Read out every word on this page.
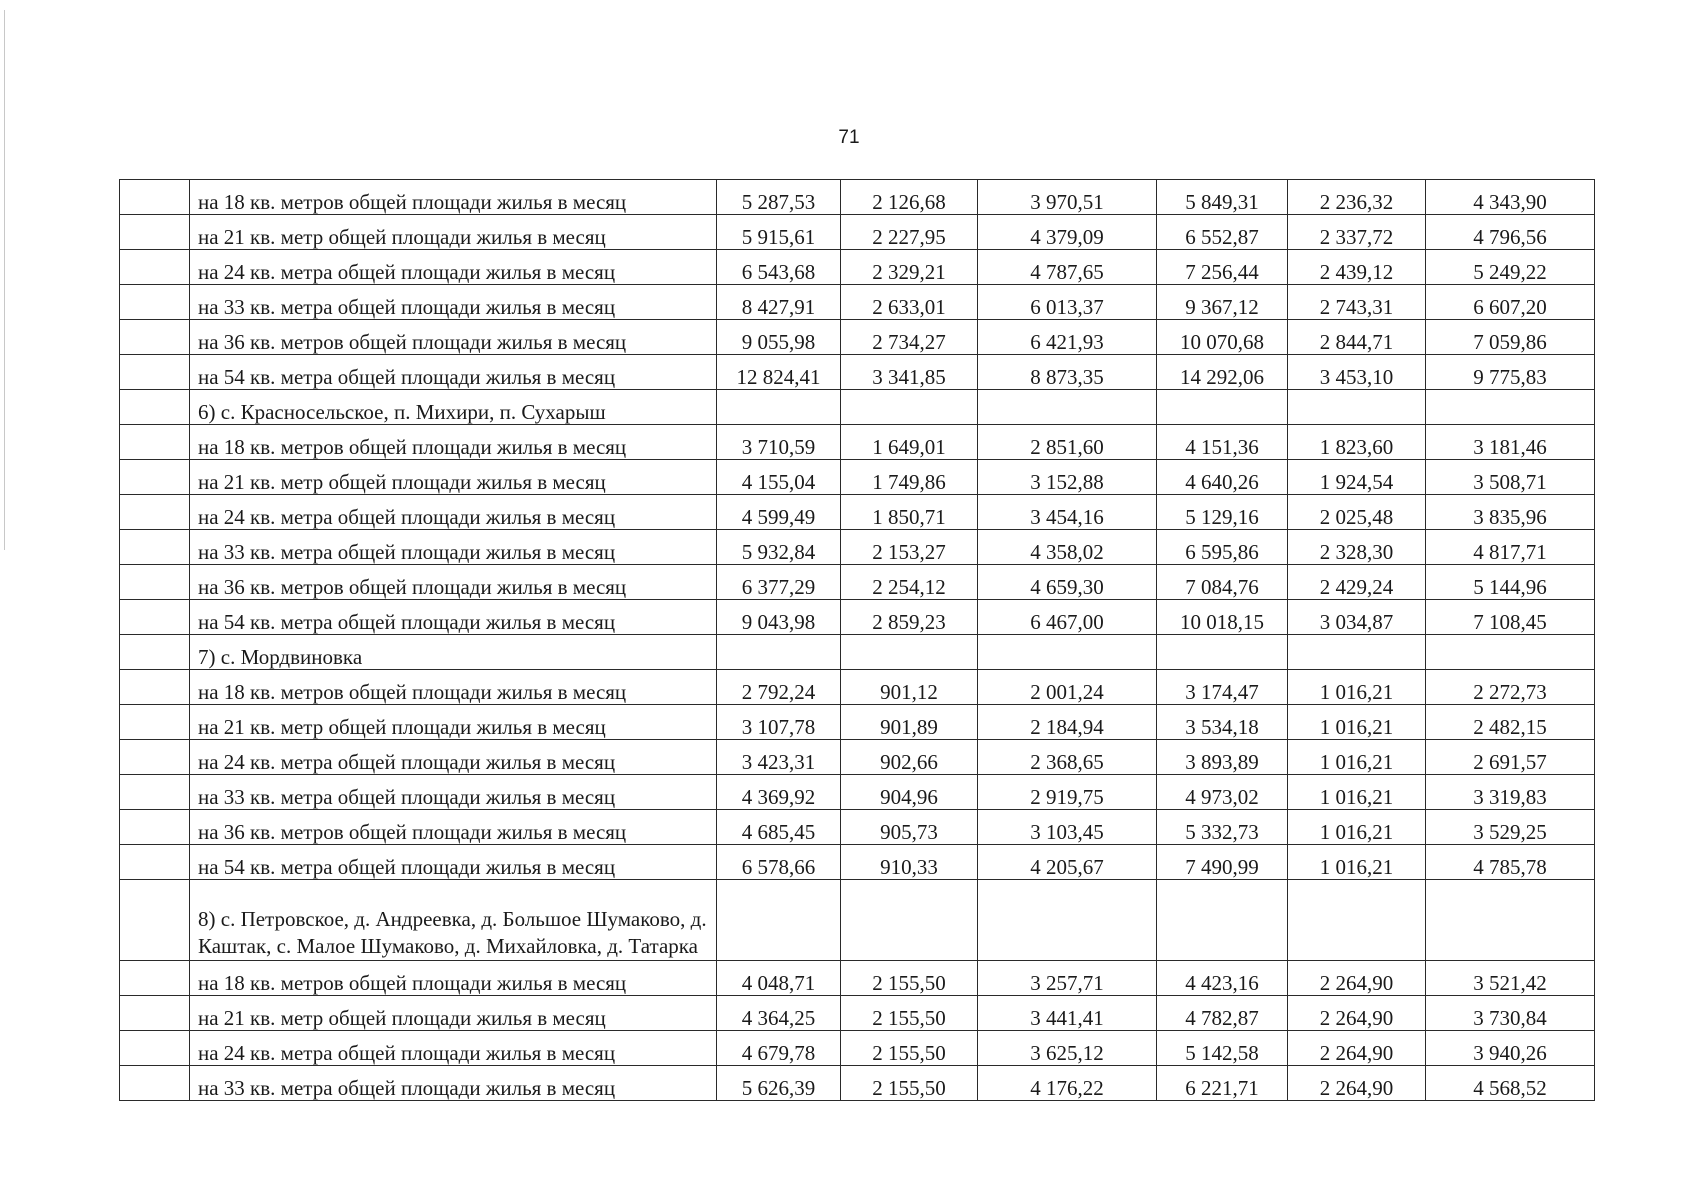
71
	на 18 кв. метров общей площади жилья в месяц	5 287,53	2 126,68	3 970,51	5 849,31	2 236,32	4 343,90
	на 21 кв. метр общей площади жилья в месяц	5 915,61	2 227,95	4 379,09	6 552,87	2 337,72	4 796,56
	на 24 кв. метра общей площади жилья в месяц	6 543,68	2 329,21	4 787,65	7 256,44	2 439,12	5 249,22
	на 33 кв. метра общей площади жилья в месяц	8 427,91	2 633,01	6 013,37	9 367,12	2 743,31	6 607,20
	на 36 кв. метров общей площади жилья в месяц	9 055,98	2 734,27	6 421,93	10 070,68	2 844,71	7 059,86
	на 54 кв. метра общей площади жилья в месяц	12 824,41	3 341,85	8 873,35	14 292,06	3 453,10	9 775,83
	6) с. Красносельское, п. Михири, п. Сухарыш						
	на 18 кв. метров общей площади жилья в месяц	3 710,59	1 649,01	2 851,60	4 151,36	1 823,60	3 181,46
	на 21 кв. метр общей площади жилья в месяц	4 155,04	1 749,86	3 152,88	4 640,26	1 924,54	3 508,71
	на 24 кв. метра общей площади жилья в месяц	4 599,49	1 850,71	3 454,16	5 129,16	2 025,48	3 835,96
	на 33 кв. метра общей площади жилья в месяц	5 932,84	2 153,27	4 358,02	6 595,86	2 328,30	4 817,71
	на 36 кв. метров общей площади жилья в месяц	6 377,29	2 254,12	4 659,30	7 084,76	2 429,24	5 144,96
	на 54 кв. метра общей площади жилья в месяц	9 043,98	2 859,23	6 467,00	10 018,15	3 034,87	7 108,45
	7) с. Мордвиновка						
	на 18 кв. метров общей площади жилья в месяц	2 792,24	901,12	2 001,24	3 174,47	1 016,21	2 272,73
	на 21 кв. метр общей площади жилья в месяц	3 107,78	901,89	2 184,94	3 534,18	1 016,21	2 482,15
	на 24 кв. метра общей площади жилья в месяц	3 423,31	902,66	2 368,65	3 893,89	1 016,21	2 691,57
	на 33 кв. метра общей площади жилья в месяц	4 369,92	904,96	2 919,75	4 973,02	1 016,21	3 319,83
	на 36 кв. метров общей площади жилья в месяц	4 685,45	905,73	3 103,45	5 332,73	1 016,21	3 529,25
	на 54 кв. метра общей площади жилья в месяц	6 578,66	910,33	4 205,67	7 490,99	1 016,21	4 785,78
	8) с. Петровское, д. Андреевка, д. Большое Шумаково, д. Каштак, с. Малое Шумаково, д. Михайловка, д. Татарка						
	на 18 кв. метров общей площади жилья в месяц	4 048,71	2 155,50	3 257,71	4 423,16	2 264,90	3 521,42
	на 21 кв. метр общей площади жилья в месяц	4 364,25	2 155,50	3 441,41	4 782,87	2 264,90	3 730,84
	на 24 кв. метра общей площади жилья в месяц	4 679,78	2 155,50	3 625,12	5 142,58	2 264,90	3 940,26
	на 33 кв. метра общей площади жилья в месяц	5 626,39	2 155,50	4 176,22	6 221,71	2 264,90	4 568,52
